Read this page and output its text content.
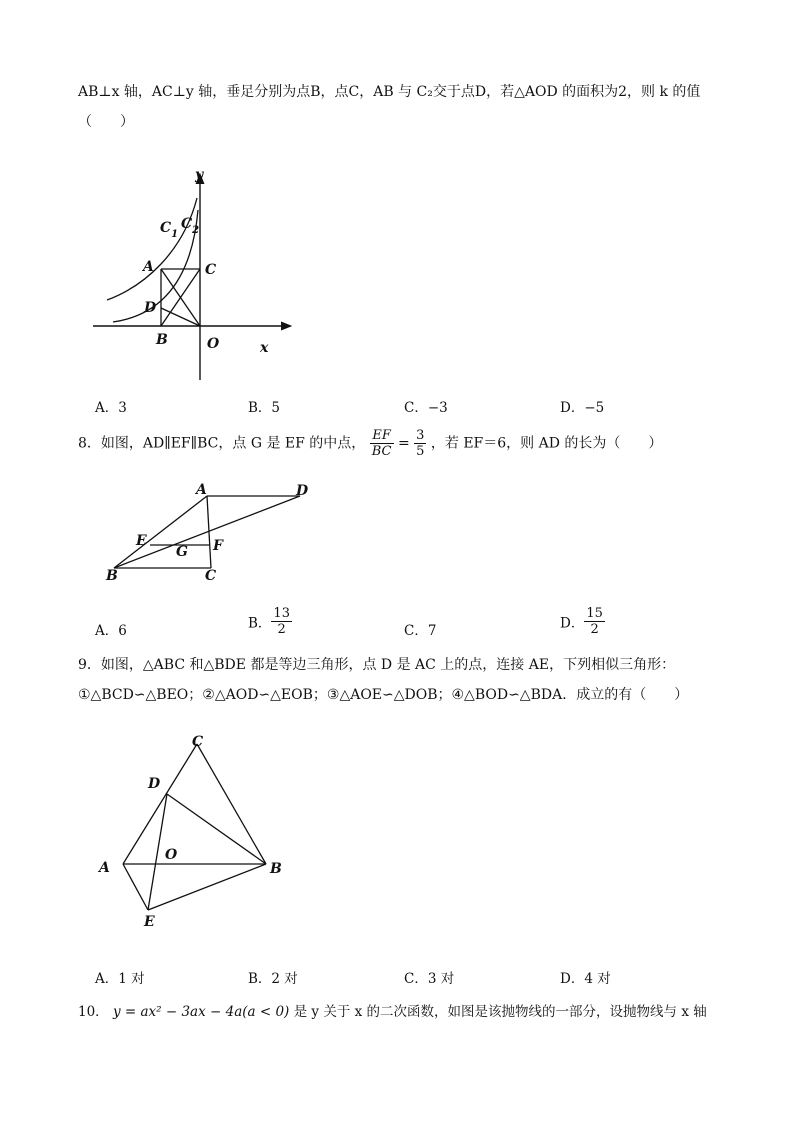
AB⊥x 轴，AC⊥y 轴，垂足分别为点B，点C，AB 与 C₂交于点D，若△AOD 的面积为2，则 k 的值
（　　）
y
x
O
A
B
C
D
$C_1$
$C_2$
A．3	B．5	C．−3	D．−5
8．如图，AD∥EF∥BC，点 G 是 EF 的中点， $\frac{EF}{BC} = \frac{3}{5}$ ，若 EF＝6，则 AD 的长为（　　）
A	D
E
G F
B	C
A．6	B． $\frac{13}{2}$	C．7	D． $\frac{15}{2}$
9．如图，△ABC 和△BDE 都是等边三角形，点 D 是 AC 上的点，连接 AE，下列相似三角形：
①△BCD∽△BEO；②△AOD∽△EOB；③△AOE∽△DOB；④△BOD∽△BDA．成立的有（　　）
C
D
O
A	B
E
A．1 对	B．2 对	C．3 对	D．4 对
10． y = ax² − 3ax − 4a(a < 0) 是 y 关于 x 的二次函数，如图是该抛物线的一部分，设抛物线与 x 轴
